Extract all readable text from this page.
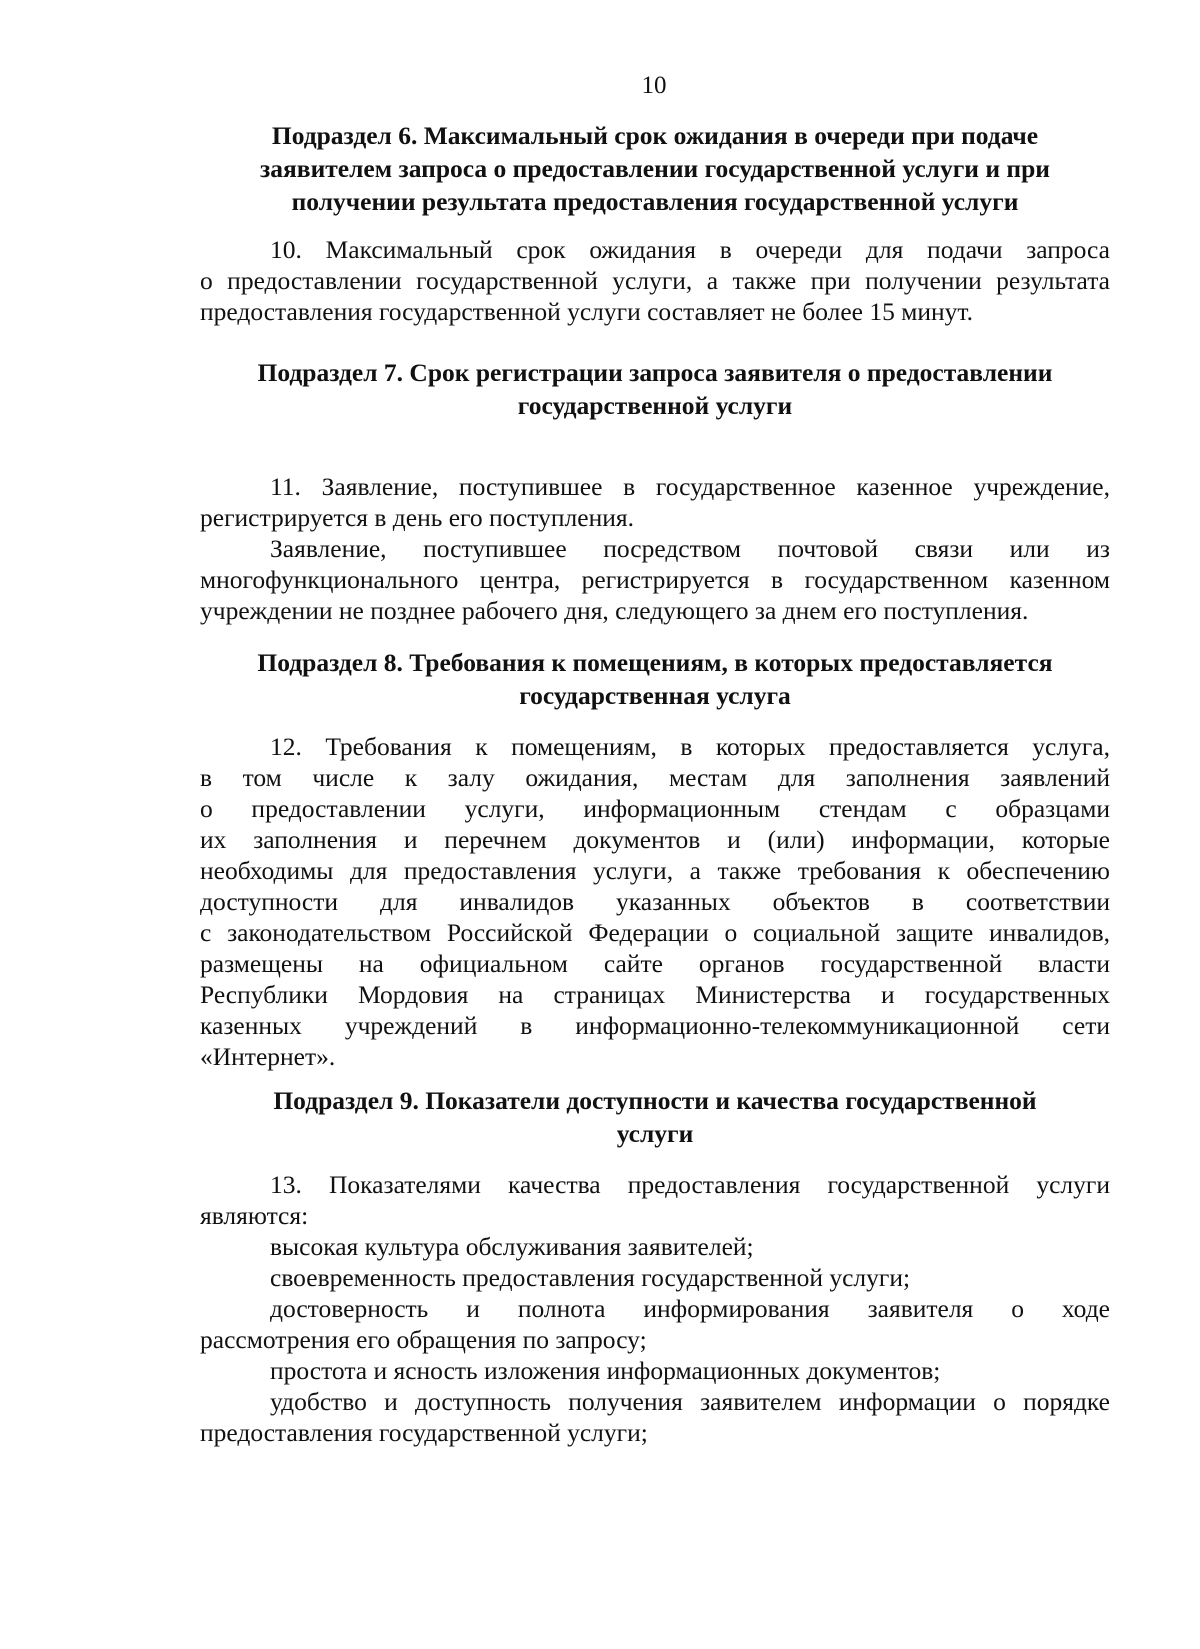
10
Подраздел 6. Максимальный срок ожидания в очереди при подаче
заявителем запроса о предоставлении государственной услуги и при
получении результата предоставления государственной услуги
10. Максимальный срок ожидания в очереди для подачи запроса
о предоставлении государственной услуги, а также при получении результата
предоставления государственной услуги составляет не более 15 минут.
Подраздел 7. Срок регистрации запроса заявителя о предоставлении
государственной услуги
11. Заявление, поступившее в государственное казенное учреждение,
регистрируется в день его поступления.
Заявление, поступившее посредством почтовой связи или из
многофункционального центра, регистрируется в государственном казенном
учреждении не позднее рабочего дня, следующего за днем его поступления.
Подраздел 8. Требования к помещениям, в которых предоставляется
государственная услуга
12. Требования к помещениям, в которых предоставляется услуга,
в том числе к залу ожидания, местам для заполнения заявлений
о предоставлении услуги, информационным стендам с образцами
их заполнения и перечнем документов и (или) информации, которые
необходимы для предоставления услуги, а также требования к обеспечению
доступности для инвалидов указанных объектов в соответствии
с законодательством Российской Федерации о социальной защите инвалидов,
размещены на официальном сайте органов государственной власти
Республики Мордовия на страницах Министерства и государственных
казенных учреждений в информационно-телекоммуникационной сети
«Интернет».
Подраздел 9. Показатели доступности и качества государственной
услуги
13. Показателями качества предоставления государственной услуги
являются:
высокая культура обслуживания заявителей;
своевременность предоставления государственной услуги;
достоверность и полнота информирования заявителя о ходе
рассмотрения его обращения по запросу;
простота и ясность изложения информационных документов;
удобство и доступность получения заявителем информации о порядке
предоставления государственной услуги;
